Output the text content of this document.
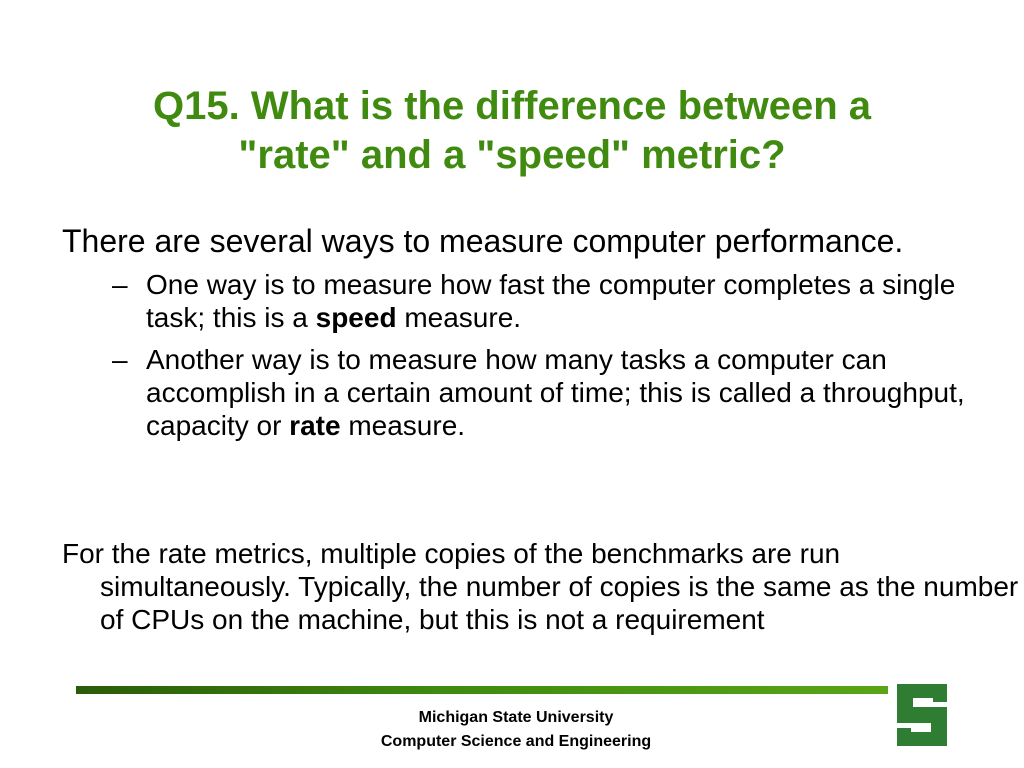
Q15. What is the difference between a
"rate" and a "speed" metric?

There are several ways to measure computer performance.

– One way is to measure how fast the computer completes a single task; this is a speed measure.
– Another way is to measure how many tasks a computer can accomplish in a certain amount of time; this is called a throughput, capacity or rate measure.

For the rate metrics, multiple copies of the benchmarks are run simultaneously. Typically, the number of copies is the same as the number of CPUs on the machine, but this is not a requirement

Michigan State University
Computer Science and Engineering
